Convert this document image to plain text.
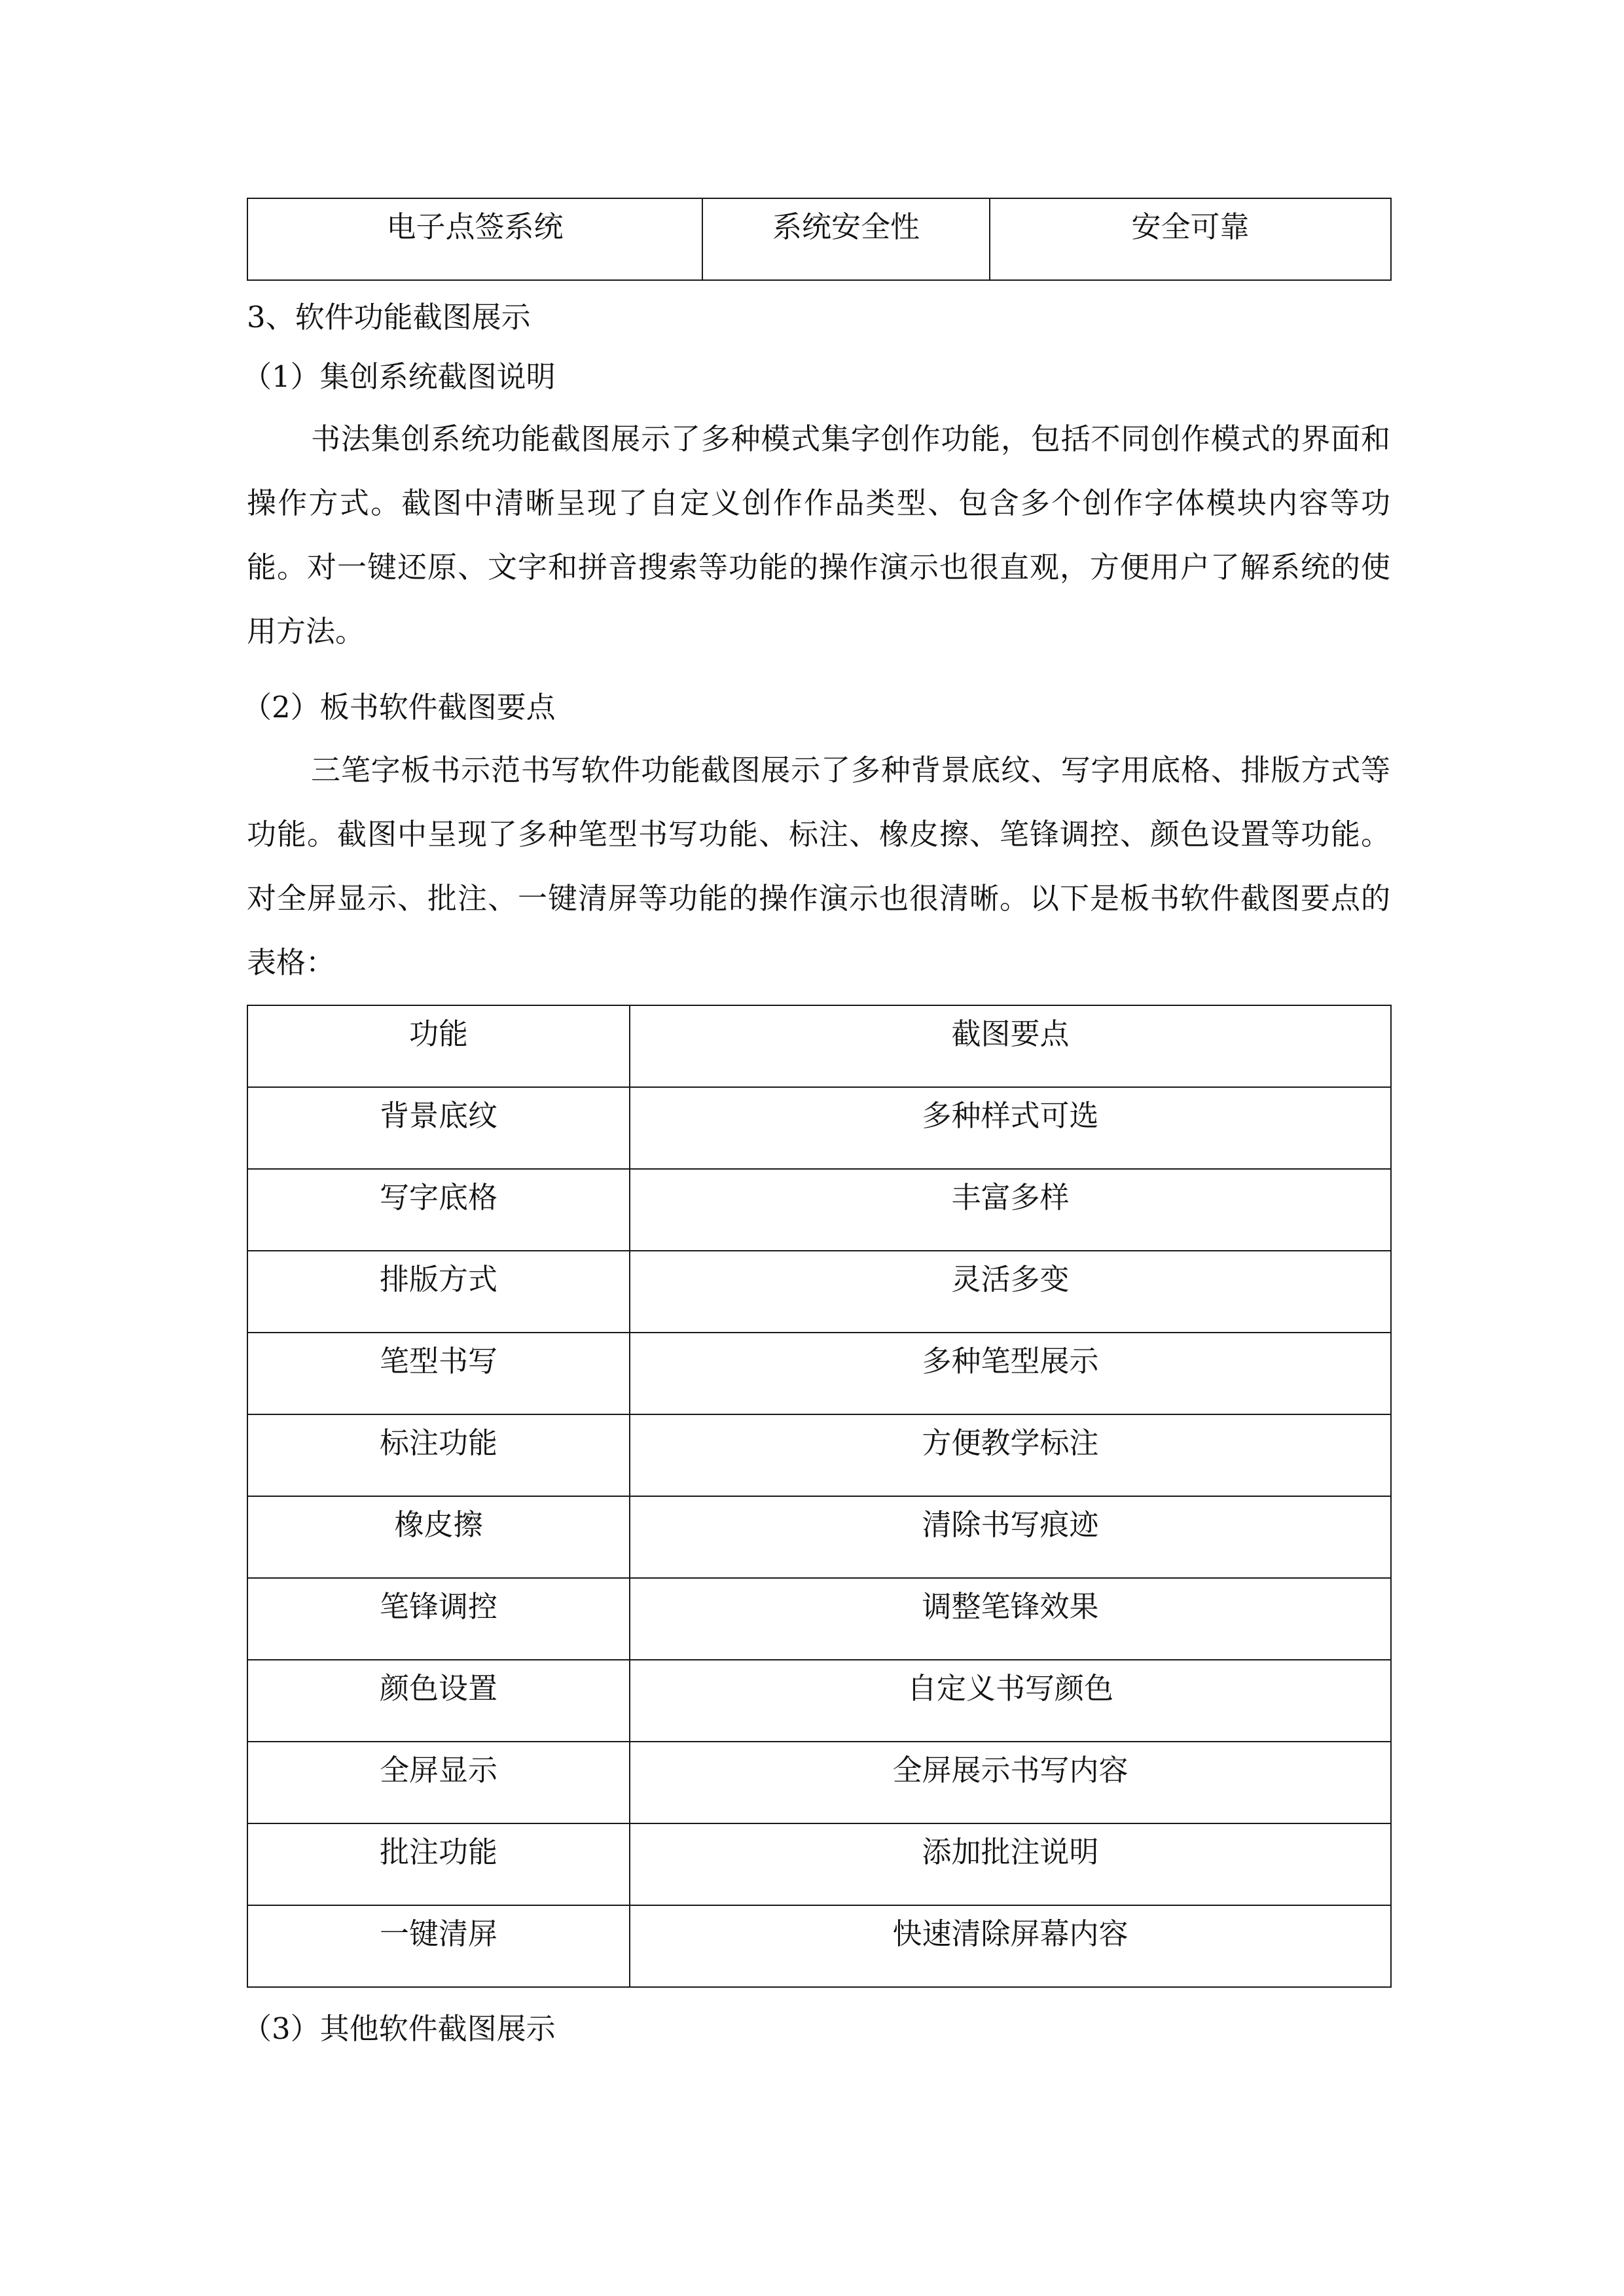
电子点签系统	系统安全性	安全可靠
3、软件功能截图展示
（1）集创系统截图说明
书法集创系统功能截图展示了多种模式集字创作功能，包括不同创作模式的界面和操作方式。截图中清晰呈现了自定义创作作品类型、包含多个创作字体模块内容等功能。对一键还原、文字和拼音搜索等功能的操作演示也很直观，方便用户了解系统的使用方法。
（2）板书软件截图要点
三笔字板书示范书写软件功能截图展示了多种背景底纹、写字用底格、排版方式等功能。截图中呈现了多种笔型书写功能、标注、橡皮擦、笔锋调控、颜色设置等功能。对全屏显示、批注、一键清屏等功能的操作演示也很清晰。以下是板书软件截图要点的表格：
功能	截图要点
背景底纹	多种样式可选
写字底格	丰富多样
排版方式	灵活多变
笔型书写	多种笔型展示
标注功能	方便教学标注
橡皮擦	清除书写痕迹
笔锋调控	调整笔锋效果
颜色设置	自定义书写颜色
全屏显示	全屏展示书写内容
批注功能	添加批注说明
一键清屏	快速清除屏幕内容
（3）其他软件截图展示
